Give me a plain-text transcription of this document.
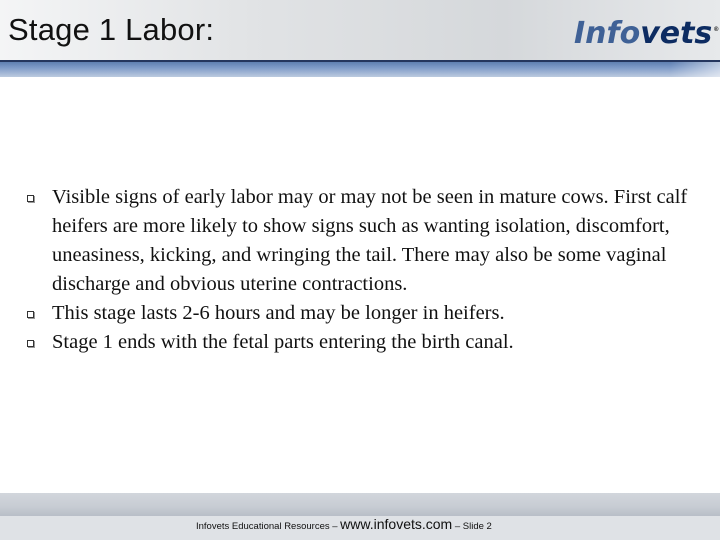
Stage 1 Labor:	Infovets®
Visible signs of early labor may or may not be seen in mature cows. First calf heifers are more likely to show signs such as wanting isolation, discomfort, uneasiness, kicking, and wringing the tail. There may also be some vaginal discharge and obvious uterine contractions.
This stage lasts 2-6 hours and may be longer in heifers.
Stage 1 ends with the fetal parts entering the birth canal.
Infovets Educational Resources – www.infovets.com – Slide 2
